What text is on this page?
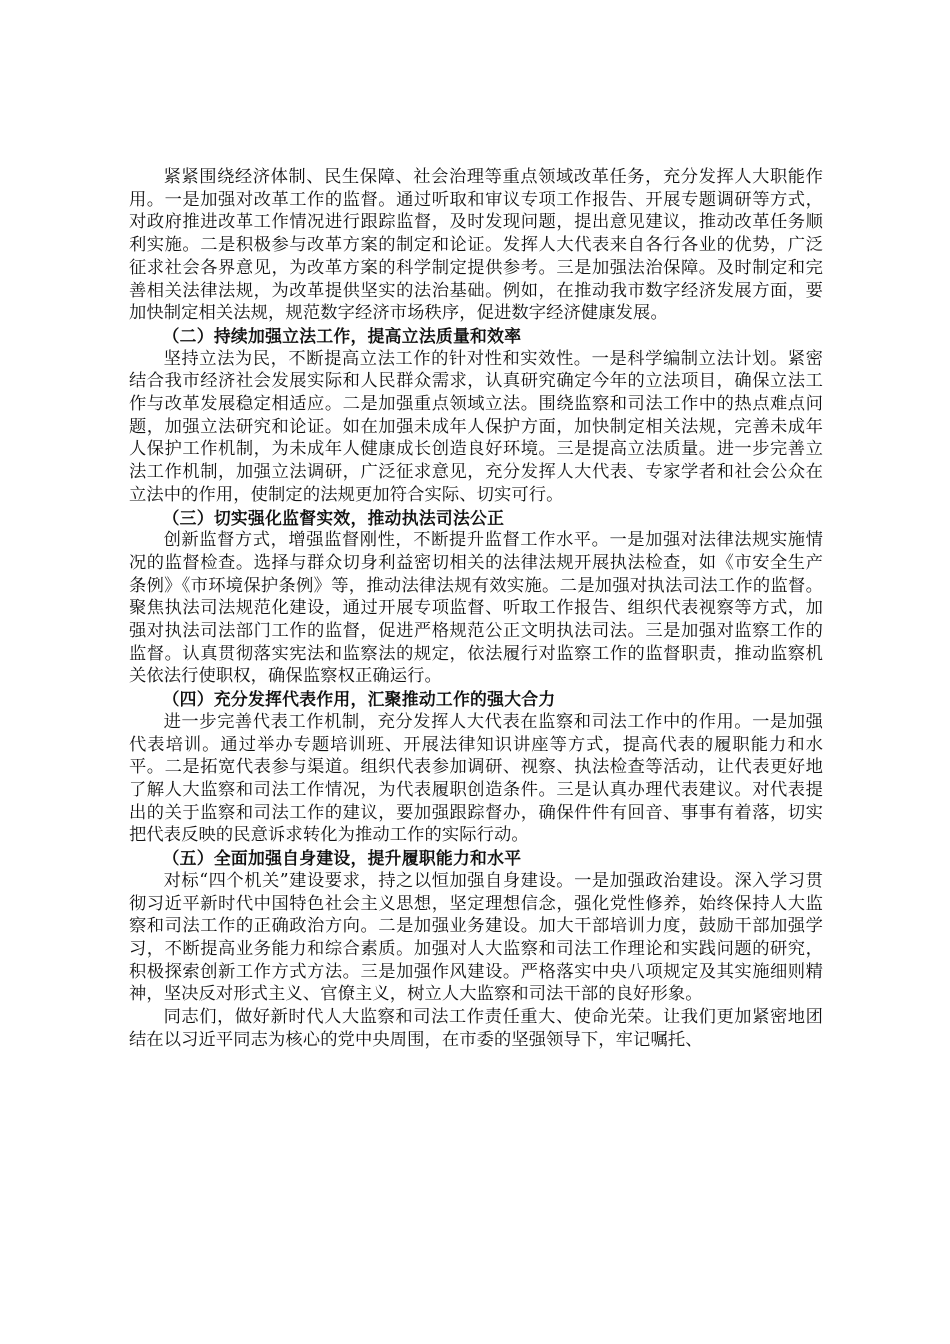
紧紧围绕经济体制、民生保障、社会治理等重点领域改革任务，充分发挥人大职能作用。一是加强对改革工作的监督。通过听取和审议专项工作报告、开展专题调研等方式，对政府推进改革工作情况进行跟踪监督，及时发现问题，提出意见建议，推动改革任务顺利实施。二是积极参与改革方案的制定和论证。发挥人大代表来自各行各业的优势，广泛征求社会各界意见，为改革方案的科学制定提供参考。三是加强法治保障。及时制定和完善相关法律法规，为改革提供坚实的法治基础。例如，在推动我市数字经济发展方面，要加快制定相关法规，规范数字经济市场秩序，促进数字经济健康发展。

（二）持续加强立法工作，提高立法质量和效率

坚持立法为民，不断提高立法工作的针对性和实效性。一是科学编制立法计划。紧密结合我市经济社会发展实际和人民群众需求，认真研究确定今年的立法项目，确保立法工作与改革发展稳定相适应。二是加强重点领域立法。围绕监察和司法工作中的热点难点问题，加强立法研究和论证。如在加强未成年人保护方面，加快制定相关法规，完善未成年人保护工作机制，为未成年人健康成长创造良好环境。三是提高立法质量。进一步完善立法工作机制，加强立法调研，广泛征求意见，充分发挥人大代表、专家学者和社会公众在立法中的作用，使制定的法规更加符合实际、切实可行。

（三）切实强化监督实效，推动执法司法公正

创新监督方式，增强监督刚性，不断提升监督工作水平。一是加强对法律法规实施情况的监督检查。选择与群众切身利益密切相关的法律法规开展执法检查，如《市安全生产条例》《市环境保护条例》等，推动法律法规有效实施。二是加强对执法司法工作的监督。聚焦执法司法规范化建设，通过开展专项监督、听取工作报告、组织代表视察等方式，加强对执法司法部门工作的监督，促进严格规范公正文明执法司法。三是加强对监察工作的监督。认真贯彻落实宪法和监察法的规定，依法履行对监察工作的监督职责，推动监察机关依法行使职权，确保监察权正确运行。

（四）充分发挥代表作用，汇聚推动工作的强大合力

进一步完善代表工作机制，充分发挥人大代表在监察和司法工作中的作用。一是加强代表培训。通过举办专题培训班、开展法律知识讲座等方式，提高代表的履职能力和水平。二是拓宽代表参与渠道。组织代表参加调研、视察、执法检查等活动，让代表更好地了解人大监察和司法工作情况，为代表履职创造条件。三是认真办理代表建议。对代表提出的关于监察和司法工作的建议，要加强跟踪督办，确保件件有回音、事事有着落，切实把代表反映的民意诉求转化为推动工作的实际行动。

（五）全面加强自身建设，提升履职能力和水平

对标“四个机关”建设要求，持之以恒加强自身建设。一是加强政治建设。深入学习贯彻习近平新时代中国特色社会主义思想，坚定理想信念，强化党性修养，始终保持人大监察和司法工作的正确政治方向。二是加强业务建设。加大干部培训力度，鼓励干部加强学习，不断提高业务能力和综合素质。加强对人大监察和司法工作理论和实践问题的研究，积极探索创新工作方式方法。三是加强作风建设。严格落实中央八项规定及其实施细则精神，坚决反对形式主义、官僚主义，树立人大监察和司法干部的良好形象。

同志们，做好新时代人大监察和司法工作责任重大、使命光荣。让我们更加紧密地团结在以习近平同志为核心的党中央周围，在市委的坚强领导下，牢记嘱托、
